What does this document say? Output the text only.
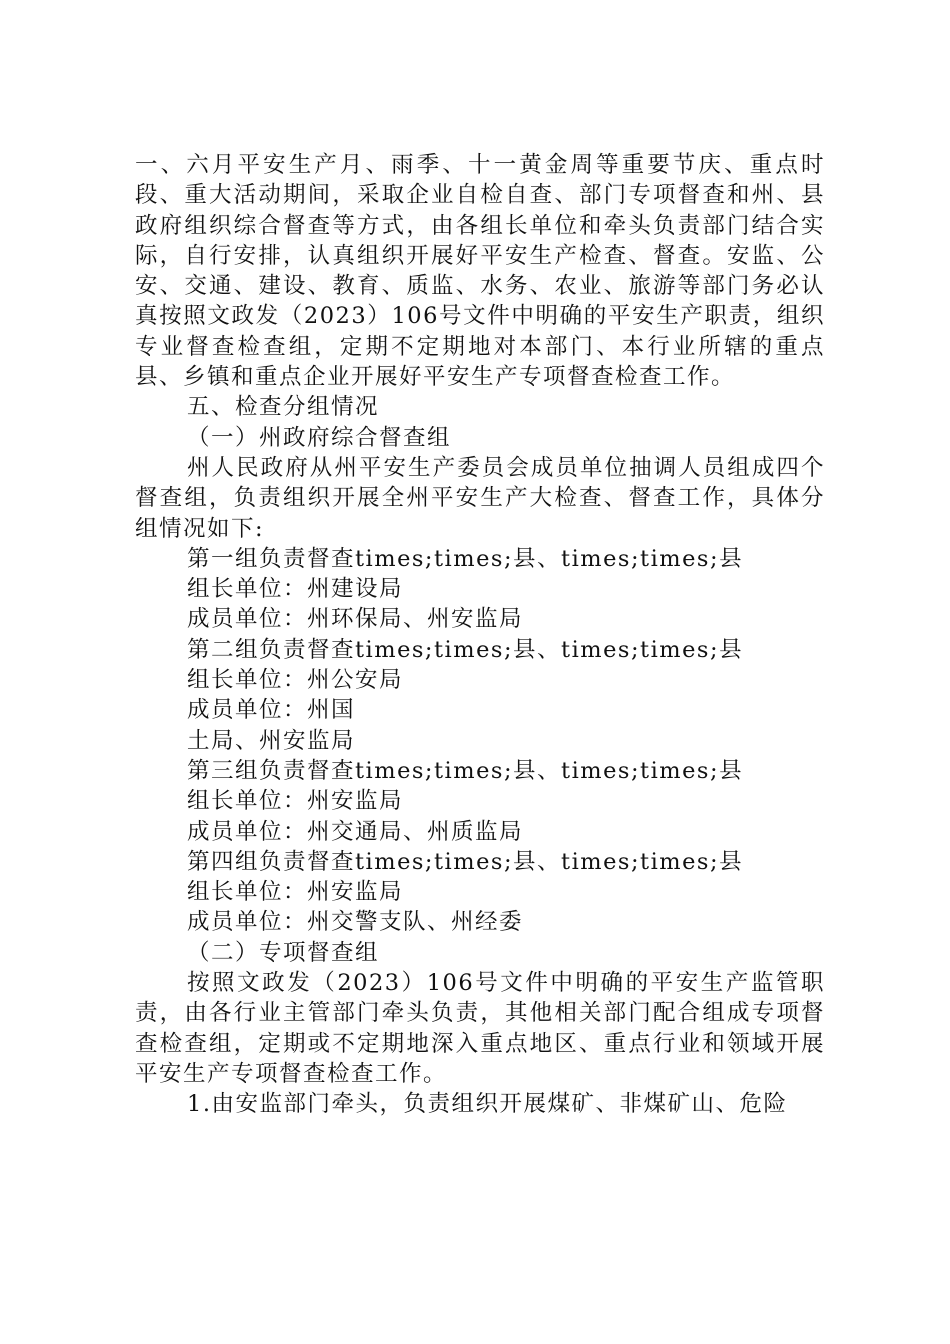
一、六月平安生产月、雨季、十一黄金周等重要节庆、重点时段、重大活动期间，采取企业自检自查、部门专项督查和州、县政府组织综合督查等方式，由各组长单位和牵头负责部门结合实际，自行安排，认真组织开展好平安生产检查、督查。安监、公安、交通、建设、教育、质监、水务、农业、旅游等部门务必认真按照文政发（2023）106号文件中明确的平安生产职责，组织专业督查检查组，定期不定期地对本部门、本行业所辖的重点县、乡镇和重点企业开展好平安生产专项督查检查工作。

五、检查分组情况

（一）州政府综合督查组

州人民政府从州平安生产委员会成员单位抽调人员组成四个督查组，负责组织开展全州平安生产大检查、督查工作，具体分组情况如下:

第一组负责督查times;times;县、times;times;县

组长单位：州建设局

成员单位：州环保局、州安监局

第二组负责督查times;times;县、times;times;县

组长单位：州公安局

成员单位：州国

土局、州安监局

第三组负责督查times;times;县、times;times;县

组长单位：州安监局

成员单位：州交通局、州质监局

第四组负责督查times;times;县、times;times;县

组长单位：州安监局

成员单位：州交警支队、州经委

（二）专项督查组

按照文政发（2023）106号文件中明确的平安生产监管职责，由各行业主管部门牵头负责，其他相关部门配合组成专项督查检查组，定期或不定期地深入重点地区、重点行业和领域开展平安生产专项督查检查工作。

1.由安监部门牵头，负责组织开展煤矿、非煤矿山、危险
